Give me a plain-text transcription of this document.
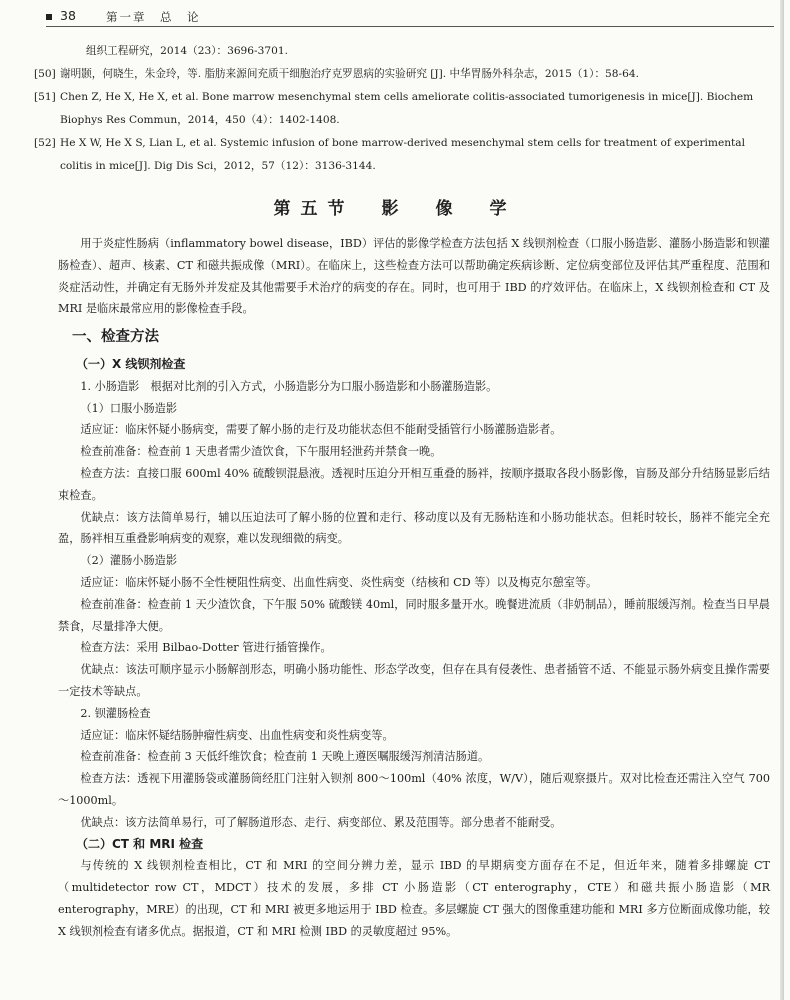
38	第一章　总　论
组织工程研究，2014（23）：3696-3701.
[50] 谢明颢，何晓生，朱金玲，等. 脂肪来源间充质干细胞治疗克罗恩病的实验研究 [J]. 中华胃肠外科杂志，2015（1）：58-64.
[51] Chen Z, He X, He X, et al. Bone marrow mesenchymal stem cells ameliorate colitis-associated tumorigenesis in mice[J]. Biochem Biophys Res Commun，2014，450（4）：1402-1408.
[52] He X W, He X S, Lian L, et al. Systemic infusion of bone marrow-derived mesenchymal stem cells for treatment of experimental colitis in mice[J]. Dig Dis Sci，2012，57（12）：3136-3144.
第五节　影　像　学

用于炎症性肠病（inflammatory bowel disease，IBD）评估的影像学检查方法包括 X 线钡剂检查（口服小肠造影、灌肠小肠造影和钡灌肠检查）、超声、核素、CT 和磁共振成像（MRI）。在临床上，这些检查方法可以帮助确定疾病诊断、定位病变部位及评估其严重程度、范围和炎症活动性，并确定有无肠外并发症及其他需要手术治疗的病变的存在。同时，也可用于 IBD 的疗效评估。在临床上，X 线钡剂检查和 CT 及 MRI 是临床最常应用的影像检查手段。

一、检查方法
（一）X 线钡剂检查

1. 小肠造影　根据对比剂的引入方式，小肠造影分为口服小肠造影和小肠灌肠造影。

（1）口服小肠造影

适应证：临床怀疑小肠病变，需要了解小肠的走行及功能状态但不能耐受插管行小肠灌肠造影者。

检查前准备：检查前 1 天患者需少渣饮食，下午服用轻泄药并禁食一晚。

检查方法：直接口服 600ml 40% 硫酸钡混悬液。透视时压迫分开相互重叠的肠袢，按顺序摄取各段小肠影像，盲肠及部分升结肠显影后结束检查。

优缺点：该方法简单易行，辅以压迫法可了解小肠的位置和走行、移动度以及有无肠粘连和小肠功能状态。但耗时较长，肠袢不能完全充盈，肠袢相互重叠影响病变的观察，难以发现细微的病变。

（2）灌肠小肠造影

适应证：临床怀疑小肠不全性梗阻性病变、出血性病变、炎性病变（结核和 CD 等）以及梅克尔憩室等。

检查前准备：检查前 1 天少渣饮食，下午服 50% 硫酸镁 40ml，同时服多量开水。晚餐进流质（非奶制品），睡前服缓泻剂。检查当日早晨禁食，尽量排净大便。

检查方法：采用 Bilbao-Dotter 管进行插管操作。

优缺点：该法可顺序显示小肠解剖形态，明确小肠功能性、形态学改变，但存在具有侵袭性、患者插管不适、不能显示肠外病变且操作需要一定技术等缺点。

2. 钡灌肠检查

适应证：临床怀疑结肠肿瘤性病变、出血性病变和炎性病变等。

检查前准备：检查前 3 天低纤维饮食；检查前 1 天晚上遵医嘱服缓泻剂清洁肠道。

检查方法：透视下用灌肠袋或灌肠筒经肛门注射入钡剂 800～100ml（40% 浓度，W/V），随后观察摄片。双对比检查还需注入空气 700～1000ml。

优缺点：该方法简单易行，可了解肠道形态、走行、病变部位、累及范围等。部分患者不能耐受。

（二）CT 和 MRI 检查

与传统的 X 线钡剂检查相比，CT 和 MRI 的空间分辨力差，显示 IBD 的早期病变方面存在不足，但近年来，随着多排螺旋 CT（multidetector row CT，MDCT）技术的发展，多排 CT 小肠造影（CT enterography，CTE）和磁共振小肠造影（MR enterography，MRE）的出现，CT 和 MRI 被更多地运用于 IBD 检查。多层螺旋 CT 强大的图像重建功能和 MRI 多方位断面成像功能，较 X 线钡剂检查有诸多优点。据报道，CT 和 MRI 检测 IBD 的灵敏度超过 95%。
